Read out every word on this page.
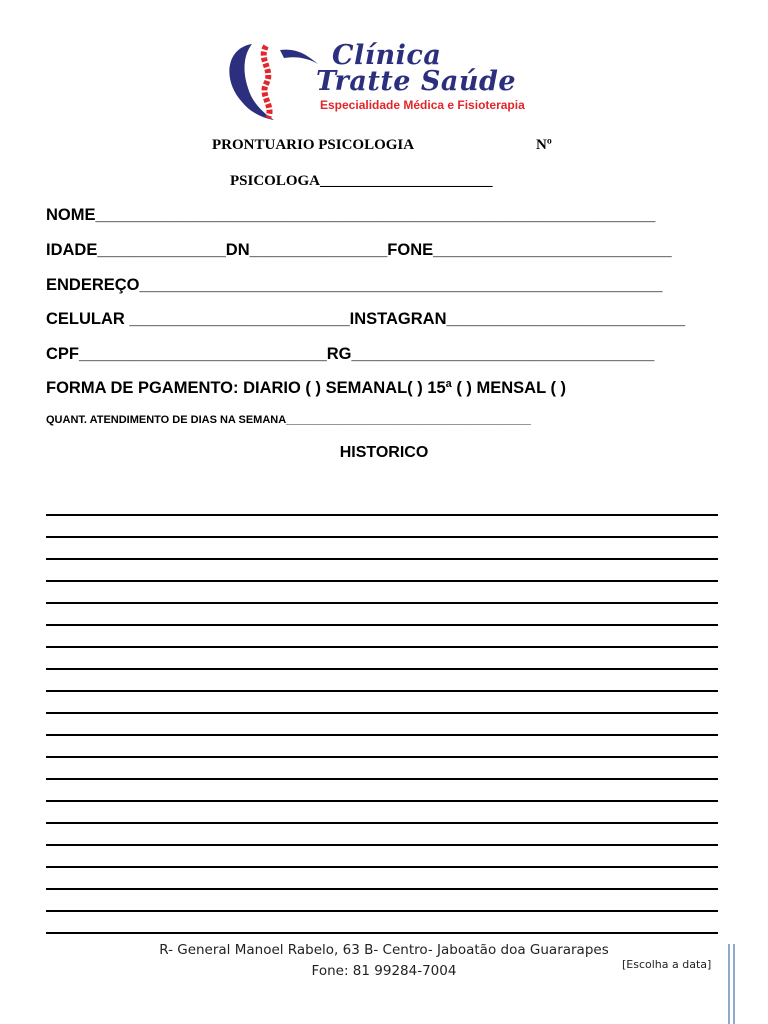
Clínica
Tratte Saúde
Especialidade Médica e Fisioterapia
PRONTUARIO PSICOLOGIA	Nº
PSICOLOGA_______________________
NOME_____________________________________________________________
IDADE______________DN_______________FONE__________________________
ENDEREÇO_________________________________________________________
CELULAR ________________________INSTAGRAN__________________________
CPF___________________________RG_________________________________
FORMA DE PGAMENTO: DIARIO ( ) SEMANAL( ) 15ª ( ) MENSAL ( )
QUANT. ATENDIMENTO DE DIAS NA SEMANA________________________________________
HISTORICO
R- General Manoel Rabelo, 63 B- Centro- Jaboatão doa Guararapes
Fone: 81 99284-7004	[Escolha a data]
